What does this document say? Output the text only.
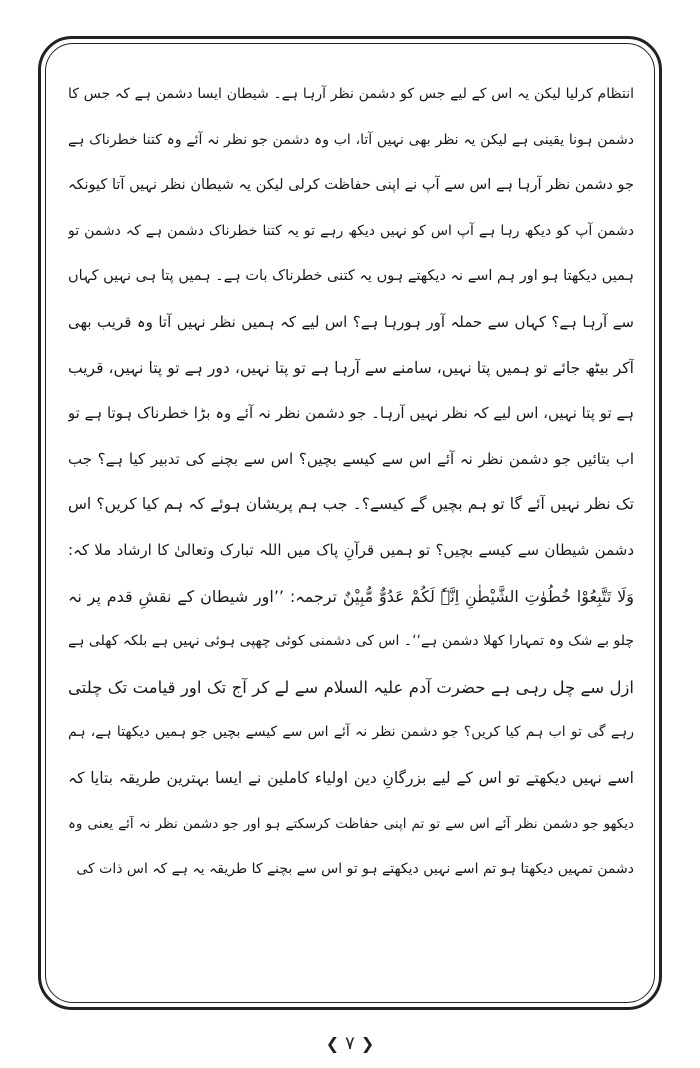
انتظام کرلیا لیکن یہ اس کے لیے جس کو دشمن نظر آرہا ہے۔ شیطان ایسا دشمن ہے کہ جس کا
دشمن ہونا یقینی ہے لیکن یہ نظر بھی نہیں آتا، اب وہ دشمن جو نظر نہ آئے وہ کتنا خطرناک ہے
جو دشمن نظر آرہا ہے اس سے آپ نے اپنی حفاظت کرلی لیکن یہ شیطان نظر نہیں آتا کیونکہ
دشمن آپ کو دیکھ رہا ہے آپ اس کو نہیں دیکھ رہے تو یہ کتنا خطرناک دشمن ہے کہ دشمن تو
ہمیں دیکھتا ہو اور ہم اسے نہ دیکھتے ہوں یہ کتنی خطرناک بات ہے۔ ہمیں پتا ہی نہیں کہاں
سے آرہا ہے؟ کہاں سے حملہ آور ہورہا ہے؟ اس لیے کہ ہمیں نظر نہیں آتا وہ قریب بھی
آکر بیٹھ جائے تو ہمیں پتا نہیں، سامنے سے آرہا ہے تو پتا نہیں، دور ہے تو پتا نہیں، قریب
ہے تو پتا نہیں، اس لیے کہ نظر نہیں آرہا۔ جو دشمن نظر نہ آئے وہ بڑا خطرناک ہوتا ہے تو
اب بتائیں جو دشمن نظر نہ آئے اس سے کیسے بچیں؟ اس سے بچنے کی تدبیر کیا ہے؟ جب
تک نظر نہیں آئے گا تو ہم بچیں گے کیسے؟۔ جب ہم پریشان ہوئے کہ ہم کیا کریں؟ اس
دشمن شیطان سے کیسے بچیں؟ تو ہمیں قرآنِ پاک میں اللہ تبارک وتعالیٰ کا ارشاد ملا کہ:
وَلَا تَتَّبِعُوْا خُطُوٰتِ الشَّیْطٰنِ اِنَّہٗ لَکُمْ عَدُوٌّ مُّبِیْنٌ ترجمہ: ’’اور شیطان کے نقشِ قدم پر نہ
چلو بے شک وہ تمہارا کھلا دشمن ہے‘‘۔ اس کی دشمنی کوئی چھپی ہوئی نہیں ہے بلکہ کھلی ہے
ازل سے چل رہی ہے حضرت آدم علیہ السلام سے لے کر آج تک اور قیامت تک چلتی
رہے گی تو اب ہم کیا کریں؟ جو دشمن نظر نہ آئے اس سے کیسے بچیں جو ہمیں دیکھتا ہے، ہم
اسے نہیں دیکھتے تو اس کے لیے بزرگانِ دین اولیاء کاملین نے ایسا بہترین طریقہ بتایا کہ
دیکھو جو دشمن نظر آئے اس سے تو تم اپنی حفاظت کرسکتے ہو اور جو دشمن نظر نہ آئے یعنی وہ
دشمن تمہیں دیکھتا ہو تم اسے نہیں دیکھتے ہو تو اس سے بچنے کا طریقہ یہ ہے کہ اس ذات کی
❮ ۷ ❯
